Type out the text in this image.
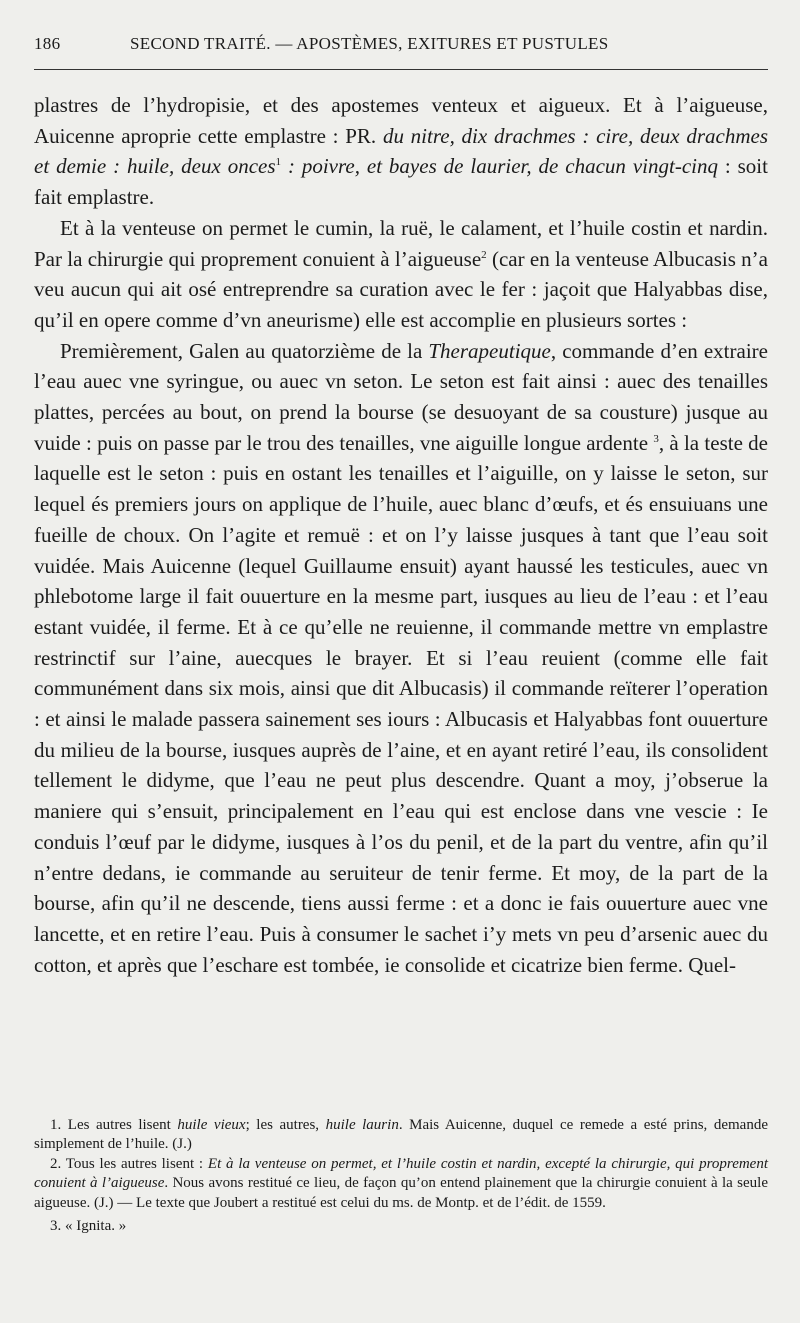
186	SECOND TRAITÉ. — APOSTÈMES, EXITURES ET PUSTULES

plastres de l’hydropisie, et des apostemes venteux et aigueux. Et à l’aigueuse, Auicenne aproprie cette emplastre : PR. du nitre, dix drachmes : cire, deux drachmes et demie : huile, deux onces$^1$ : poivre, et bayes de laurier, de chacun vingt-cinq : soit fait emplastre.

Et à la venteuse on permet le cumin, la ruë, le calament, et l’huile costin et nardin. Par la chirurgie qui proprement conuient à l’aigueuse$^2$ (car en la venteuse Albucasis n’a veu aucun qui ait osé entreprendre sa curation avec le fer : jaçoit que Halyabbas dise, qu’il en opere comme d’vn aneurisme) elle est accomplie en plusieurs sortes :

Premièrement, Galen au quatorzième de la Therapeutique, commande d’en extraire l’eau auec vne syringue, ou auec vn seton. Le seton est fait ainsi : auec des tenailles plattes, percées au bout, on prend la bourse (se desuoyant de sa cousture) jusque au vuide : puis on passe par le trou des tenailles, vne aiguille longue ardente $^3$, à la teste de laquelle est le seton : puis en ostant les tenailles et l’aiguille, on y laisse le seton, sur lequel és premiers jours on applique de l’huile, auec blanc d’œufs, et és ensuiuans une fueille de choux. On l’agite et remuë : et on l’y laisse jusques à tant que l’eau soit vuidée. Mais Auicenne (lequel Guillaume ensuit) ayant haussé les testicules, auec vn phlebotome large il fait ouuerture en la mesme part, iusques au lieu de l’eau : et l’eau estant vuidée, il ferme. Et à ce qu’elle ne reuienne, il commande mettre vn emplastre restrinctif sur l’aine, auecques le brayer. Et si l’eau reuient (comme elle fait communément dans six mois, ainsi que dit Albucasis) il commande reïterer l’operation : et ainsi le malade passera sainement ses iours : Albucasis et Halyabbas font ouuerture du milieu de la bourse, iusques auprès de l’aine, et en ayant retiré l’eau, ils consolident tellement le didyme, que l’eau ne peut plus descendre. Quant a moy, j’obserue la maniere qui s’ensuit, principalement en l’eau qui est enclose dans vne vescie : Ie conduis l’œuf par le didyme, iusques à l’os du penil, et de la part du ventre, afin qu’il n’entre dedans, ie commande au seruiteur de tenir ferme. Et moy, de la part de la bourse, afin qu’il ne descende, tiens aussi ferme : et a donc ie fais ouuerture auec vne lancette, et en retire l’eau. Puis à consumer le sachet i’y mets vn peu d’arsenic auec du cotton, et après que l’eschare est tombée, ie consolide et cicatrize bien ferme. Quel-

1. Les autres lisent huile vieux; les autres, huile laurin. Mais Auicenne, duquel ce remede a esté prins, demande simplement de l’huile. (J.)

2. Tous les autres lisent : Et à la venteuse on permet, et l’huile costin et nardin, excepté la chirurgie, qui proprement conuient à l’aigueuse. Nous avons restitué ce lieu, de façon qu’on entend plainement que la chirurgie conuient à la seule aigueuse. (J.) — Le texte que Joubert a restitué est celui du ms. de Montp. et de l’édit. de 1559.

3. « Ignita. »
